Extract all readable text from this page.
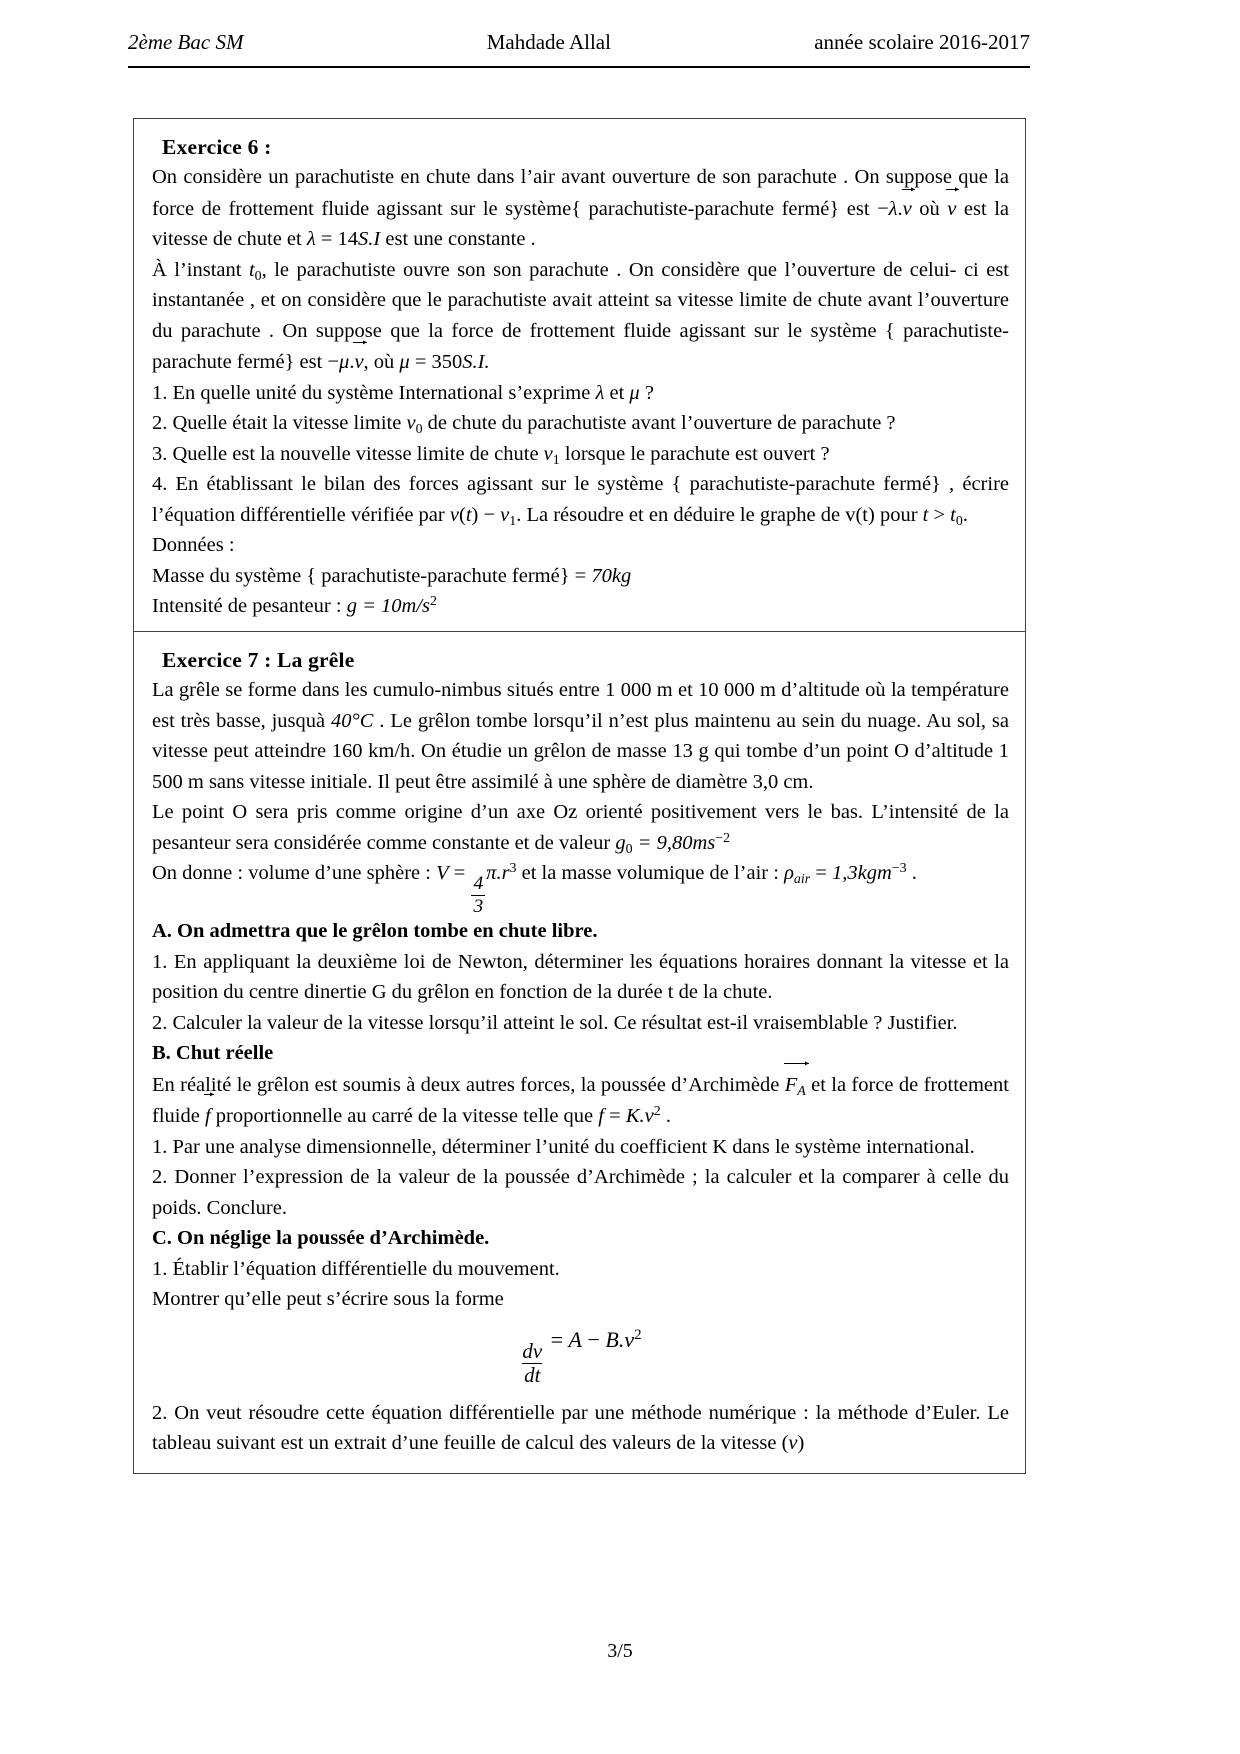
2ème Bac SM	Mahdade Allal	année scolaire 2016-2017
Exercice 6 :

On considère un parachutiste en chute dans l’air avant ouverture de son parachute . On suppose que la force de frottement fluide agissant sur le système{ parachutiste-parachute fermé} est −λ.v où v est la vitesse de chute et λ = 14S.I est une constante .

À l’instant $t_0$, le parachutiste ouvre son son parachute . On considère que l’ouverture de celui- ci est instantanée , et on considère que le parachutiste avait atteint sa vitesse limite de chute avant l’ouverture du parachute . On suppose que la force de frottement fluide agissant sur le système { parachutiste-parachute fermé} est −μ.v, où μ = 350S.I.

1. En quelle unité du système International s’exprime λ et μ ?

2. Quelle était la vitesse limite $v_0$ de chute du parachutiste avant l’ouverture de parachute ?

3. Quelle est la nouvelle vitesse limite de chute $v_1$ lorsque le parachute est ouvert ?

4. En établissant le bilan des forces agissant sur le système { parachutiste-parachute fermé} , écrire l’équation différentielle vérifiée par $v(t) - v_1$. La résoudre et en déduire le graphe de v(t) pour $t > t_0$.

Données :

Masse du système { parachutiste-parachute fermé} = 70kg

Intensité de pesanteur : $g = 10m/s^2$

Exercice 7 : La grêle

La grêle se forme dans les cumulo-nimbus situés entre 1 000 m et 10 000 m d’altitude où la température est très basse, jusquà 40°C . Le grêlon tombe lorsqu’il n’est plus maintenu au sein du nuage. Au sol, sa vitesse peut atteindre 160 km/h. On étudie un grêlon de masse 13 g qui tombe d’un point O d’altitude 1 500 m sans vitesse initiale. Il peut être assimilé à une sphère de diamètre 3,0 cm.

Le point O sera pris comme origine d’un axe Oz orienté positivement vers le bas. L’intensité de la pesanteur sera considérée comme constante et de valeur $g_0 = 9,80ms^{-2}$

On donne : volume d’une sphère : V =
$\frac{4}{3}$
$\pi.r^3$ et la masse volumique de l’air : $\rho_{air} = 1,3kgm^{-3}$ .

A. On admettra que le grêlon tombe en chute libre.

1. En appliquant la deuxième loi de Newton, déterminer les équations horaires donnant la vitesse et la position du centre dinertie G du grêlon en fonction de la durée t de la chute.

2. Calculer la valeur de la vitesse lorsqu’il atteint le sol. Ce résultat est-il vraisemblable ? Justifier.

B. Chut réelle

En réalité le grêlon est soumis à deux autres forces, la poussée d’Archimède $F_A$ et la force de frottement fluide f proportionnelle au carré de la vitesse telle que $f = K.v^2$ .

1. Par une analyse dimensionnelle, déterminer l’unité du coefficient K dans le système international.

2. Donner l’expression de la valeur de la poussée d’Archimède ; la calculer et la comparer à celle du poids. Conclure.

C. On néglige la poussée d’Archimède.

1. Établir l’équation différentielle du mouvement.

Montrer qu’elle peut s’écrire sous la forme

$\frac{dv}{dt}$
= $A - B.v^2$

2. On veut résoudre cette équation différentielle par une méthode numérique : la méthode d’Euler. Le tableau suivant est un extrait d’une feuille de calcul des valeurs de la vitesse (v)

3/5
